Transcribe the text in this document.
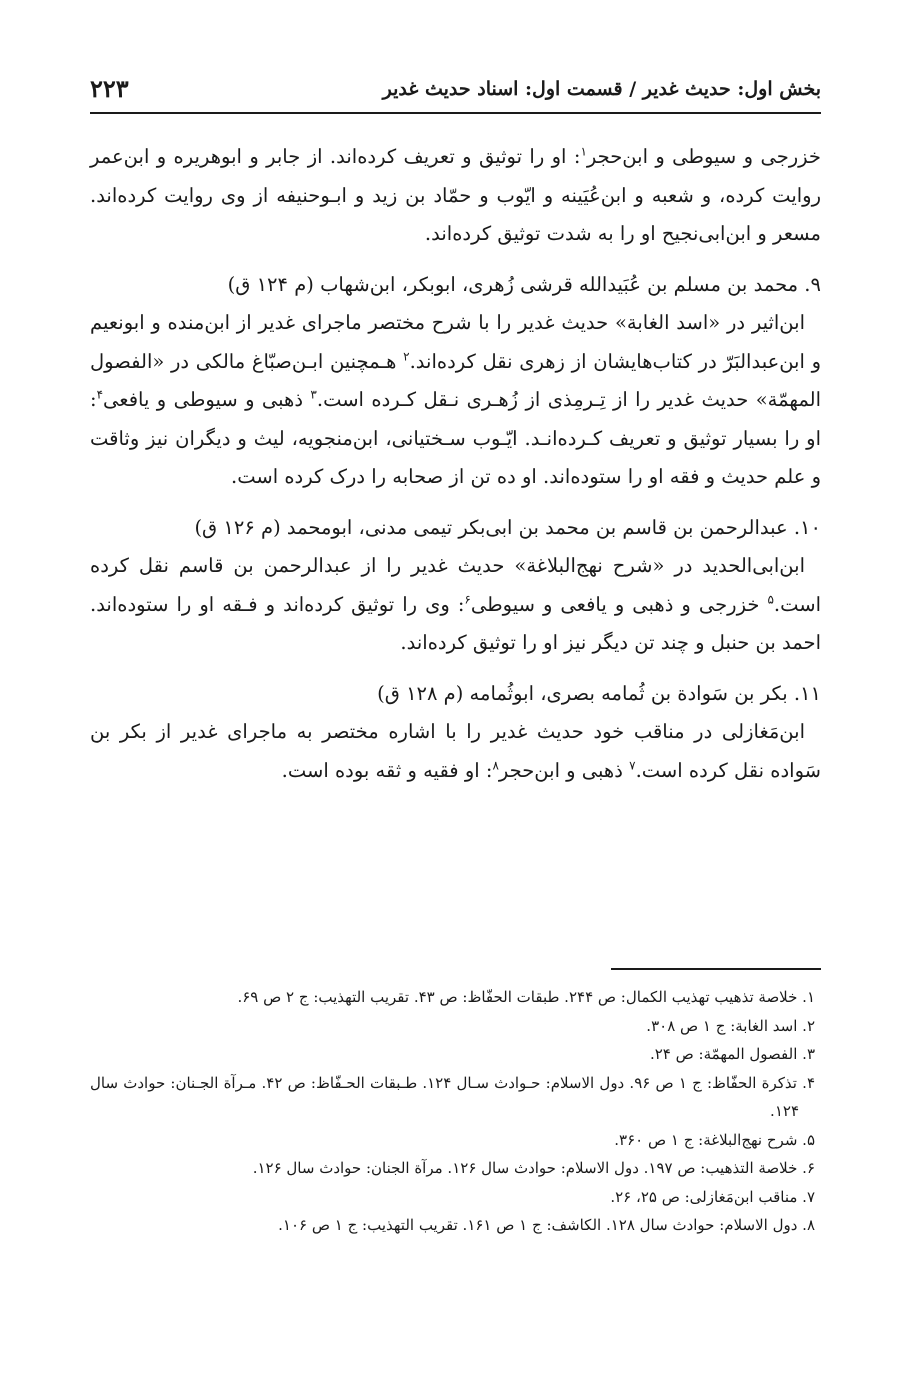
بخش اول: حدیث غدیر / قسمت اول: اسناد حدیث غدیر
۲۲۳

خزرجی و سیوطی و ابن‌حجر$^۱$: او را توثیق و تعریف کرده‌اند. از جابر و ابوهریره و ابن‌عمر روایت کرده، و شعبه و ابن‌عُیَینه و ایّوب و حمّاد بن زید و ابـوحنیفه از وی روایت کرده‌اند. مسعر و ابن‌ابی‌نجیح او را به شدت توثیق کرده‌اند.

۹. محمد بن مسلم بن عُبَیدالله قرشی زُهری، ابوبکر، ابن‌شهاب (م ۱۲۴ ق)

ابن‌اثیر در «اسد الغابة» حدیث غدیر را با شرح مختصر ماجرای غدیر از ابن‌منده و ابونعیم و ابن‌عبدالبَرّ در کتاب‌هایشان از زهری نقل کرده‌اند.$^۲$ هـمچنین ابـن‌صبّاغ مالکی در «الفصول المهمّة» حدیث غدیر را از تِـرمِذی از زُهـری نـقل کـرده است.$^۳$ ذهبی و سیوطی و یافعی$^۴$: او را بسیار توثیق و تعریف کـرده‌انـد. ایّـوب سـختیانی، ابن‌منجویه، لیث و دیگران نیز وثاقت و علم حدیث و فقه او را ستوده‌اند. او ده تن از صحابه را درک کرده است.

۱۰. عبدالرحمن بن قاسم بن محمد بن ابی‌بکر تیمی مدنی، ابومحمد (م ۱۲۶ ق)

ابن‌ابی‌الحدید در «شرح نهج‌البلاغة» حدیث غدیر را از عبدالرحمن بن قاسم نقل کرده است.$^۵$ خزرجی و ذهبی و یافعی و سیوطی$^۶$: وی را توثیق کرده‌اند و فـقه او را ستوده‌اند. احمد بن حنبل و چند تن دیگر نیز او را توثیق کرده‌اند.

۱۱. بکر بن سَوادة بن ثُمامه بصری، ابوثُمامه (م ۱۲۸ ق)

ابن‌مَغازلی در مناقب خود حدیث غدیر را با اشاره مختصر به ماجرای غدیر از بکر بن سَواده نقل کرده است.$^۷$ ذهبی و ابن‌حجر$^۸$: او فقیه و ثقه بوده است.

۱. خلاصة تذهیب تهذیب الکمال: ص ۲۴۴. طبقات الحفّاظ: ص ۴۳. تقریب التهذیب: ج ۲ ص ۶۹.

۲. اسد الغابة: ج ۱ ص ۳۰۸.

۳. الفصول المهمّة: ص ۲۴.

۴. تذکرة الحفّاظ: ج ۱ ص ۹۶. دول الاسلام: حـوادث سـال ۱۲۴. طـبقات الحـفّاظ: ص ۴۲. مـرآة الجـنان: حوادث سال ۱۲۴.

۵. شرح نهج‌البلاغة: ج ۱ ص ۳۶۰.

۶. خلاصة التذهیب: ص ۱۹۷. دول الاسلام: حوادث سال ۱۲۶. مرآة الجنان: حوادث سال ۱۲۶.

۷. مناقب ابن‌مَغازلی: ص ۲۵، ۲۶.

۸. دول الاسلام: حوادث سال ۱۲۸. الکاشف: ج ۱ ص ۱۶۱. تقریب التهذیب: ج ۱ ص ۱۰۶.
